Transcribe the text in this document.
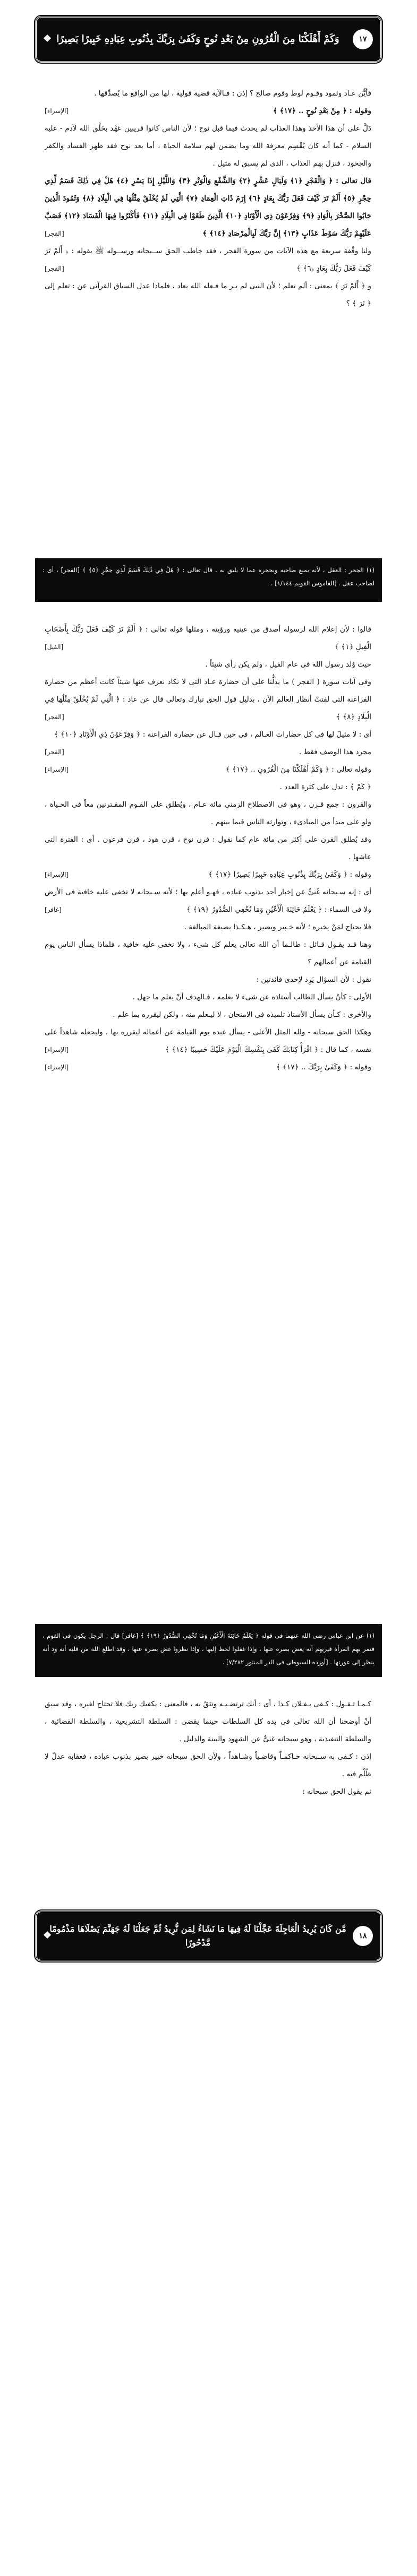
١٧
وَكَمْ أَهْلَكْنَا مِنَ الْقُرُونِ مِنْ بَعْدِ نُوحٍ وَكَفَىٰ بِرَبِّكَ بِذُنُوبِ عِبَادِهِ خَبِيرًا بَصِيرًا
❖

فأيُّن عـاد وثمود وقـوم لوط وقوم صالح ؟ إذن : فـالآية قضية قولية ، لها من الواقع ما يُصدِّقها .

[الإسراء]	وقوله : ﴿ مِنْ بَعْدِ نُوحٍ .. ﴿١٧﴾ ﴾

دَلَّ على أن هذا الأخذ وهذا العذاب لم يحدث فيما قبل نوح ؛ لأن الناس كانوا قريبين عَهْد بخَلْق الله لآدم - عليه السلام - كما أنه كان يُقْسِم معرفة الله وما يضمن لهم سلامة الحياة ، أما بعد نوح فقد ظهر الفساد والكفر والجحود ، فنزل بهم العذاب ، الذى لم يسبق له مثيل .

قال تعالى : ﴿ وَالْفَجْرِ ﴿١﴾ وَلَيَالٍ عَشْرٍ ﴿٢﴾ وَالشَّفْعِ وَالْوَتْرِ ﴿٣﴾ وَاللَّيْلِ إِذَا يَسْرِ ﴿٤﴾ هَلْ فِي ذَٰلِكَ قَسَمٌ لِّذِي حِجْرٍ ﴿٥﴾ أَلَمْ تَرَ كَيْفَ فَعَلَ رَبُّكَ بِعَادٍ ﴿٦﴾ إِرَمَ ذَاتِ الْعِمَادِ ﴿٧﴾ الَّتِي لَمْ يُخْلَقْ مِثْلُهَا فِي الْبِلَادِ ﴿٨﴾ وَثَمُودَ الَّذِينَ جَابُوا الصَّخْرَ بِالْوَادِ ﴿٩﴾ وَفِرْعَوْنَ ذِي الْأَوْتَادِ ﴿١٠﴾ الَّذِينَ طَغَوْا فِي الْبِلَادِ ﴿١١﴾ فَأَكْثَرُوا فِيهَا الْفَسَادَ ﴿١٢﴾ فَصَبَّ عَلَيْهِمْ رَبُّكَ سَوْطَ عَذَابٍ ﴿١٣﴾ إِنَّ رَبَّكَ لَبِالْمِرْصَادِ ﴿١٤﴾ ﴾
[الفجر]

ولنا وقْفة سريعة مع هذه الآيات من سورة الفجر ، فقد خاطب الحق ســبحانه ورســوله ﷺ بقوله : ﴿ أَلَمْ تَرَ كَيْفَ فَعَلَ رَبُّكَ بِعَادٍ ﴿٦﴾ ﴾
[الفجر]

و ﴿ أَلَمْ تَرَ ﴾ بمعنى : ألم تعلم ؛ لأن النبى لم يـر ما فـعله الله بعاد ، فلماذا عدل السياق القرآنى عن : تعلم إلى ﴿ تَرَ ﴾ ؟

(١) الحِجر : العقل ، لأنه يمنع صاحبه ويحجره عما لا يليق به . قال تعالى : ﴿ هَلْ فِي ذَٰلِكَ قَسَمٌ لِّذِي حِجْرٍ ﴿٥﴾ ﴾ [الفجر] ، أى : لصاحب عقل . [القاموس القويم ١/١٤٤] .

قالوا : لأن إعلام الله لرسوله أصدق من عينيه ورؤيته ، ومثلها قوله تعالى : ﴿ أَلَمْ تَرَ كَيْفَ فَعَلَ رَبُّكَ بِأَصْحَابِ الْفِيلِ ﴿١﴾ ﴾
[الفيل]

حيث وُلد رسول الله فى عام الفيل ، ولم يكن رأى شيئاً .

وفى آيات سورة ( الفجر ) ما يدلُّنا على أن حضارة عـاد التى لا نكاد نعرف عنها شيئاً كانت أعظم من حضارة الفراعنة التى لفتتْ أنظار العالم الآن ، بدليل قول الحق تبارك وتعالى قال عن عاد : ﴿ الَّتِي لَمْ يُخْلَقْ مِثْلُهَا فِي الْبِلَادِ ﴿٨﴾ ﴾
[الفجر]

أى : لا مثيلَ لها فى كل حضارات العـالم ، فى حين قـال عن حضارة الفراعنة : ﴿ وَفِرْعَوْنَ ذِي الْأَوْتَادِ ﴿١٠﴾ ﴾
[الفجر]	مجرد هذا الوصف فقط .

[الإسراء]	وقوله تعالى : ﴿ وَكَمْ أَهْلَكْنَا مِنَ الْقُرُونِ .. ﴿١٧﴾ ﴾

﴿ كَمْ ﴾ : تدل على كثرة العدد .

والقرون : جمع قـرن ، وهو فى الاصطلاح الزمنى مائة عـام ، ويُطلق على القـوم المقـترنين معاً فى الحـياة ، ولو على مبدأ من المبادىء ، وتوارثه الناس فيما بينهم .

وقد يُطلق القرن على أكثر من مائة عام كما نقول : قرن نوح ، قرن هود ، قرن فرعون . أى : الفترة التى عاشها .

[الإسراء]	وقوله : ﴿ وَكَفَىٰ بِرَبِّكَ بِذُنُوبِ عِبَادِهِ خَبِيرًا بَصِيرًا ﴿١٧﴾ ﴾

أى : إنه سـبحانه غَنىٌّ عن إخبار أحد بذنوب عباده ، فهـو أعلم بها ؛ لأنه سـبحانه لا تخفى عليه خافية فى الأرض ولا فى السماء : ﴿ يَعْلَمُ خَائِنَةَ الْأَعْيُنِ وَمَا تُخْفِي الصُّدُورُ ﴿١٩﴾ ﴾
[غافر]

فلا يحتاج لمَنْ يخبره ؛ لأنه خـبير وبصير ، هـكـذا بصيغة المبالغة .

وهنا قـد يقـول قـائل : طالـما أن الله تعالى يعلم كل شىء ، ولا تخفى عليه خافية ، فلماذا يسأل الناس يوم القيامة عن أعمالهم ؟

نقول : لأن السؤال يَرِد لإحدى فائدتين :

الأولى : كأنْ يسأل الطالب أستاذه عن شىء لا يعلمه ، فـالهدف أنْ يعلم ما جهل .

والأخرى : كـأن يسأل الأستاذ تلميذه فى الامتحان ، لا ليـعلم منه ، ولكن ليقرره بما علم .

وهكذا الحق سبحانه - ولله المثل الأعلى - يسأل عبده يوم القيامة عن أعماله ليقرره بها ، وليجعله شاهداً على نفسه ، كما قال : ﴿ اقْرَأْ كِتَابَكَ كَفَىٰ بِنَفْسِكَ الْيَوْمَ عَلَيْكَ حَسِيبًا ﴿١٤﴾ ﴾
[الإسراء]

[الإسراء]	وقوله : ﴿ وَكَفَىٰ بِرَبِّكَ .. ﴿١٧﴾ ﴾

(١) عن ابن عباس رضى الله عنهما فى قوله ﴿ يَعْلَمُ خَائِنَةَ الْأَعْيُنِ وَمَا تُخْفِي الصُّدُورُ ﴿١٩﴾ ﴾ [غافر] قال : الرجل يكون فى القوم ، فتمر بهم المرأة فيريهم أنه يغض بصره عنها ، وإذا غفلوا لحظ إليها ، وإذا نظروا غض بصره عنها ، وقد اطلع الله من قلبه أنه ود أنه ينظر إلى عورتها . [أورده السيوطى فى الدر المنثور ٧/٢٨٢] .

كـمـا تـقـول : كـفى بـفـلان كـذا ، أى : أنك ترتضـيـه وتثقُ به ، فالمعنى : يكفيك ربك فلا تحتاج لغيره ، وقد سبق أنْ أوضحنا أن الله تعالى فى يده كل السلطات حينما يقضى : السلطة التشريعية ، والسلطة القضائية ، والسلطة التنفيذية ، وهو سبحانه غنىٌّ عن الشهود والبينة والدليل .

إذن : كـفى به سـبحانه حـاكمـاً وقاضـياً وشـاهداً ، ولأن الحق سبحانه خبير بصير بذنوب عباده ، فعقابه عدلٌ لا ظُلْم فيه .

ثم يقول الحق سبحانه :

١٨
مَّن كَانَ يُرِيدُ الْعَاجِلَةَ عَجَّلْنَا لَهُ فِيهَا مَا نَشَاءُ لِمَن نُّرِيدُ ثُمَّ جَعَلْنَا لَهُ جَهَنَّمَ يَصْلَاهَا مَذْمُومًا مَّدْحُورًا
❖
